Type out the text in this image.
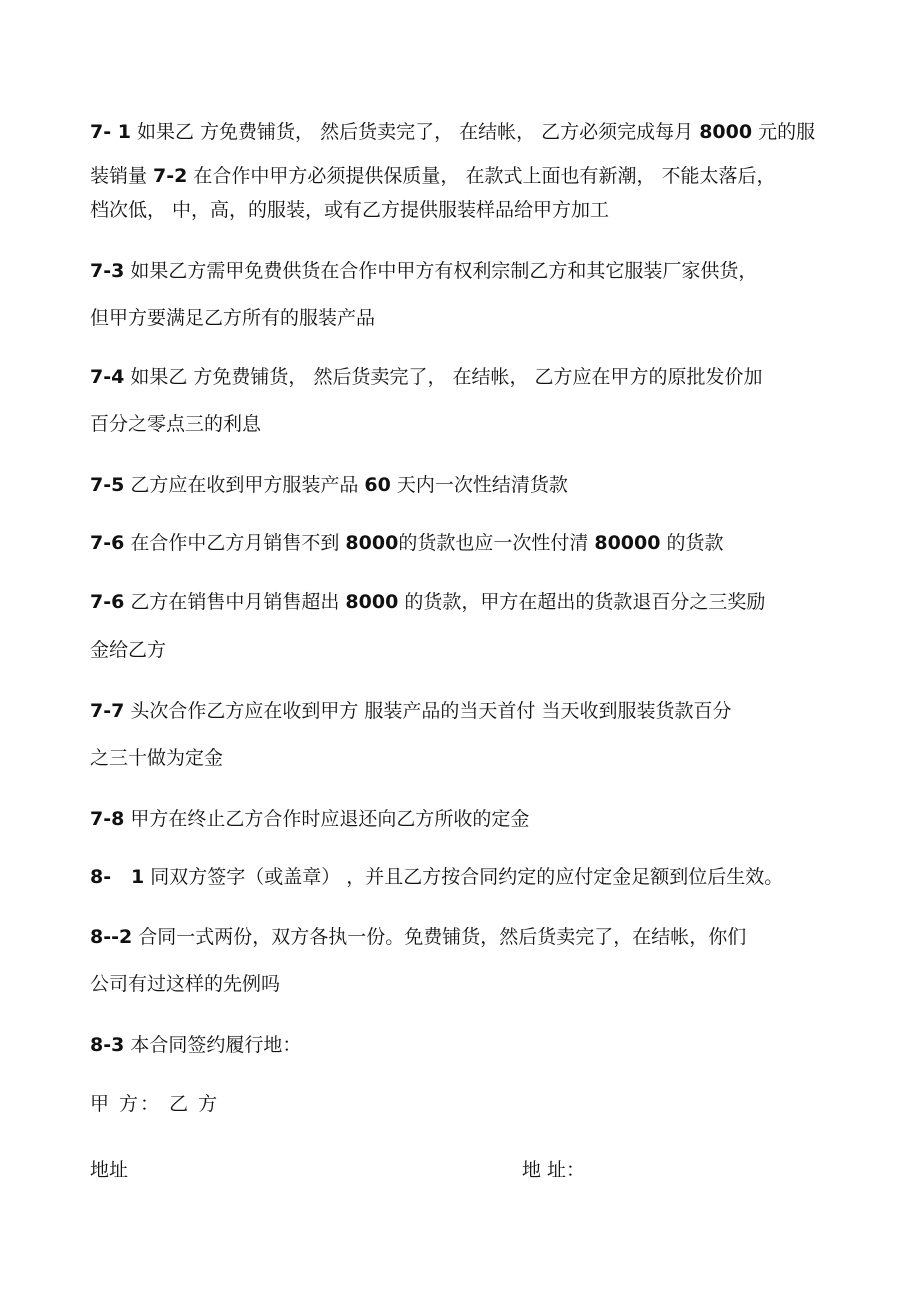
7- 1 如果乙 方免费铺货， 然后货卖完了， 在结帐， 乙方必须完成每月 8000 元的服
装销量 7-2 在合作中甲方必须提供保质量， 在款式上面也有新潮， 不能太落后，
档次低， 中，高，的服装，或有乙方提供服装样品给甲方加工
7-3 如果乙方需甲免费供货在合作中甲方有权利宗制乙方和其它服装厂家供货，
但甲方要满足乙方所有的服装产品
7-4 如果乙 方免费铺货， 然后货卖完了， 在结帐， 乙方应在甲方的原批发价加
百分之零点三的利息
7-5 乙方应在收到甲方服装产品 60 天内一次性结清货款
7-6 在合作中乙方月销售不到 8000的货款也应一次性付清 80000 的货款
7-6 乙方在销售中月销售超出 8000 的货款，甲方在超出的货款退百分之三奖励
金给乙方
7-7 头次合作乙方应在收到甲方 服装产品的当天首付 当天收到服装货款百分
之三十做为定金
7-8 甲方在终止乙方合作时应退还向乙方所收的定金
8-   1 同双方签字（或盖章） ，并且乙方按合同约定的应付定金足额到位后生效。
8--2 合同一式两份，双方各执一份。免费铺货，然后货卖完了，在结帐，你们
公司有过这样的先例吗
8-3 本合同签约履行地：
甲 方： 乙 方
地址	地 址：
